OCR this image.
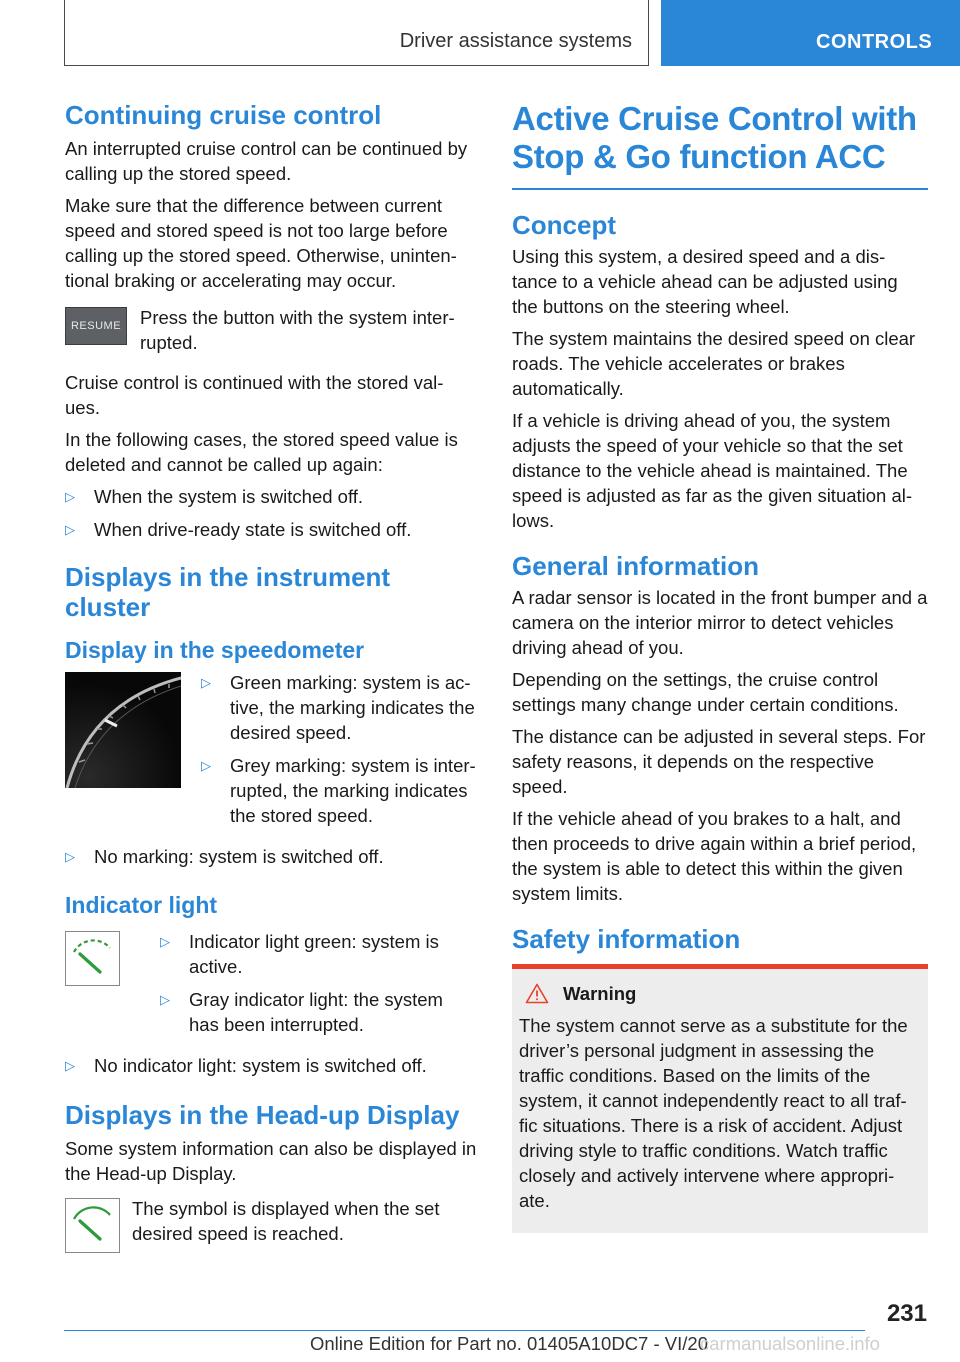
Driver assistance systems	CONTROLS
Continuing cruise control

An interrupted cruise control can be continued by calling up the stored speed.

Make sure that the difference between current speed and stored speed is not too large before calling up the stored speed. Otherwise, uninten-tional braking or accelerating may occur.

RESUME Press the button with the system inter-rupted.

Cruise control is continued with the stored val-ues.

In the following cases, the stored speed value is deleted and cannot be called up again:

▷ When the system is switched off.
▷ When drive-ready state is switched off.
Displays in the instrument cluster
Display in the speedometer
▷ Green marking: system is ac-tive, the marking indicates the desired speed.
▷ Grey marking: system is inter-rupted, the marking indicates the stored speed.
▷ No marking: system is switched off.
Indicator light
▷ Indicator light green: system is active.
▷ Gray indicator light: the system has been interrupted.
▷ No indicator light: system is switched off.
Displays in the Head-up Display

Some system information can also be displayed in the Head-up Display.

The symbol is displayed when the set desired speed is reached.

Active Cruise Control with Stop & Go function ACC
Concept

Using this system, a desired speed and a dis-tance to a vehicle ahead can be adjusted using the buttons on the steering wheel.

The system maintains the desired speed on clear roads. The vehicle accelerates or brakes automatically.

If a vehicle is driving ahead of you, the system adjusts the speed of your vehicle so that the set distance to the vehicle ahead is maintained. The speed is adjusted as far as the given situation al-lows.

General information

A radar sensor is located in the front bumper and a camera on the interior mirror to detect vehicles driving ahead of you.

Depending on the settings, the cruise control settings many change under certain conditions.

The distance can be adjusted in several steps. For safety reasons, it depends on the respective speed.

If the vehicle ahead of you brakes to a halt, and then proceeds to drive again within a brief period, the system is able to detect this within the given system limits.

Safety information
Warning

The system cannot serve as a substitute for the driver’s personal judgment in assessing the traffic conditions. Based on the limits of the system, it cannot independently react to all traf-fic situations. There is a risk of accident. Adjust driving style to traffic conditions. Watch traffic closely and actively intervene where appropri-ate.

231
Online Edition for Part no. 01405A10DC7 - VI/20
carmanualsonline.info
